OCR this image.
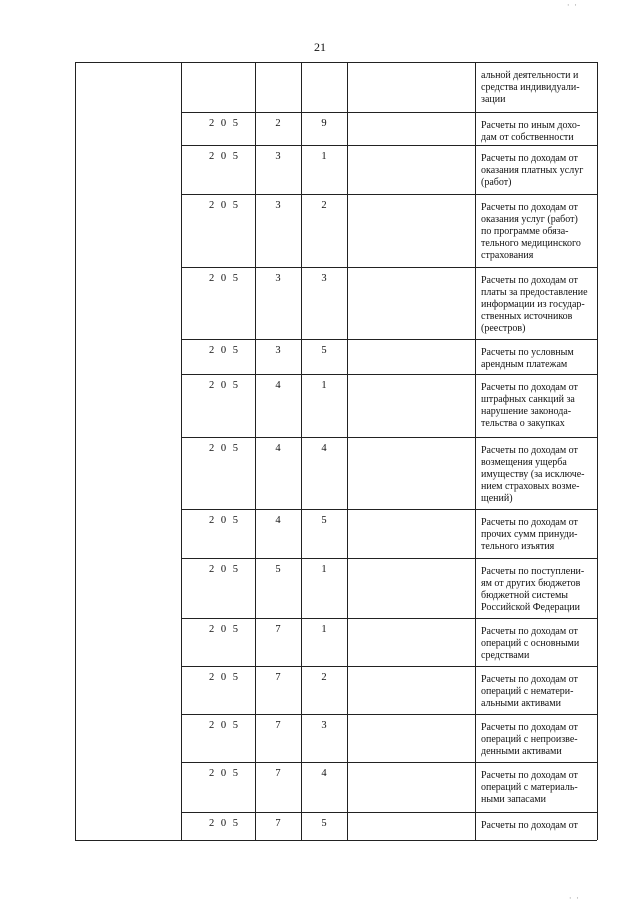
21
· ·
· ·
альной деятельности и
средства индивидуали-
зации
2 0 5	2	9	Расчеты по иным дохо-
дам от собственности
2 0 5	3	1	Расчеты по доходам от
оказания платных услуг
(работ)
2 0 5	3	2	Расчеты по доходам от
оказания услуг (работ)
по программе обяза-
тельного медицинского
страхования
2 0 5	3	3	Расчеты по доходам от
платы за предоставление
информации из государ-
ственных источников
(реестров)
2 0 5	3	5	Расчеты по условным
арендным платежам
2 0 5	4	1	Расчеты по доходам от
штрафных санкций за
нарушение законода-
тельства о закупках
2 0 5	4	4	Расчеты по доходам от
возмещения ущерба
имуществу (за исключе-
нием страховых возме-
щений)
2 0 5	4	5	Расчеты по доходам от
прочих сумм принуди-
тельного изъятия
2 0 5	5	1	Расчеты по поступлени-
ям от других бюджетов
бюджетной системы
Российской Федерации
2 0 5	7	1	Расчеты по доходам от
операций с основными
средствами
2 0 5	7	2	Расчеты по доходам от
операций с нематери-
альными активами
2 0 5	7	3	Расчеты по доходам от
операций с непроизве-
денными активами
2 0 5	7	4	Расчеты по доходам от
операций с материаль-
ными запасами
2 0 5	7	5	Расчеты по доходам от
